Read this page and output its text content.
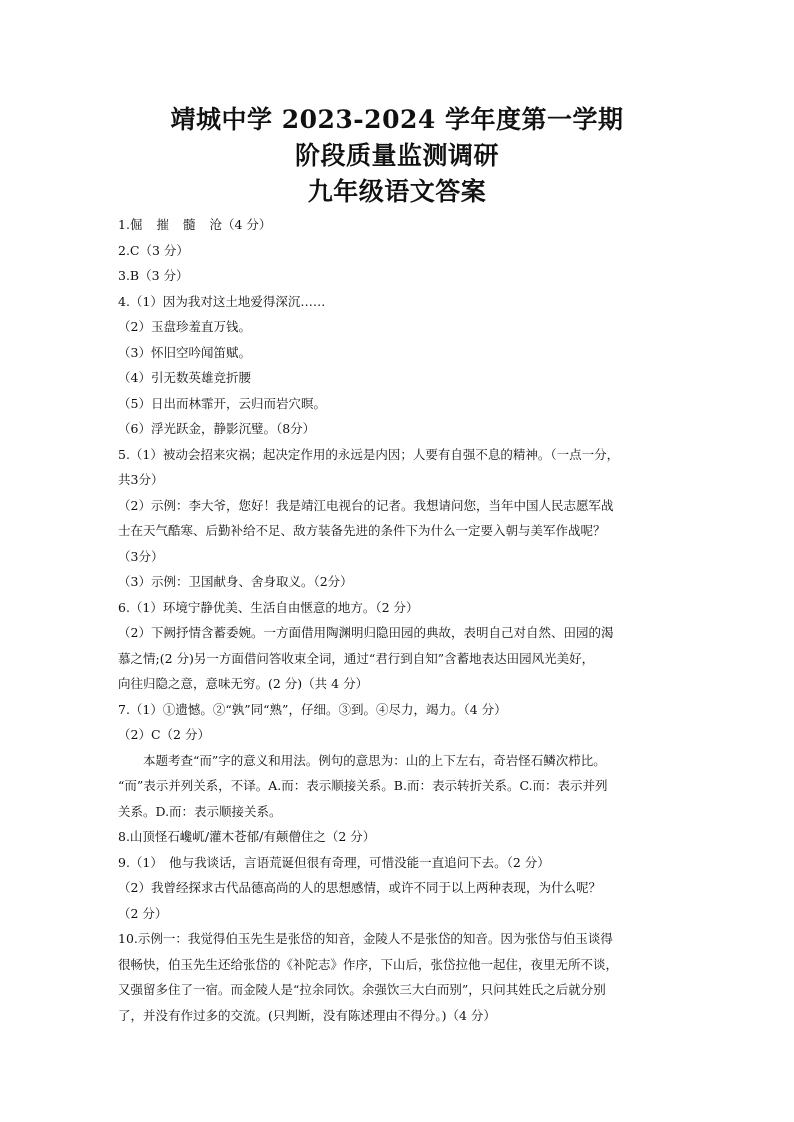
靖城中学 2023-2024 学年度第一学期
阶段质量监测调研
九年级语文答案
1.倔 摧 髓 沧（4 分）
2.C（3 分）
3.B（3 分）
4.（1）因为我对这土地爱得深沉……
（2）玉盘珍羞直万钱。
（3）怀旧空吟闻笛赋。
（4）引无数英雄竞折腰
（5）日出而林霏开，云归而岩穴暝。
（6）浮光跃金，静影沉璧。（8分）
5.（1）被动会招来灾祸；起决定作用的永远是内因；人要有自强不息的精神。（一点一分，
共3分）
（2）示例：李大爷，您好！我是靖江电视台的记者。我想请问您，当年中国人民志愿军战
士在天气酷寒、后勤补给不足、敌方装备先进的条件下为什么一定要入朝与美军作战呢？
（3分）
（3）示例：卫国献身、舍身取义。（2分）
6.（1）环境宁静优美、生活自由惬意的地方。（2 分）
（2）下阙抒情含蓄委婉。一方面借用陶渊明归隐田园的典故，表明自己对自然、田园的渴
慕之情;(2 分)另一方面借问答收束全词，通过“君行到自知”含蓄地表达田园风光美好，
向往归隐之意，意味无穷。(2 分)（共 4 分）
7.（1）①遗憾。②“孰”同“熟”，仔细。③到。④尽力，竭力。（4 分）
（2）C（2 分）
本题考查“而”字的意义和用法。例句的意思为：山的上下左右，奇岩怪石鳞次栉比。
“而”表示并列关系，不译。A.而：表示顺接关系。B.而：表示转折关系。C.而：表示并列
关系。D.而：表示顺接关系。
8.山顶怪石巉屼/灌木苍郁/有颠僧住之（2 分）
9.（1）　他与我谈话，言语荒诞但很有奇理，可惜没能一直追问下去。（2 分）
（2）我曾经探求古代品德高尚的人的思想感情，或许不同于以上两种表现，为什么呢？
（2 分）
10.示例一：我觉得伯玉先生是张岱的知音，金陵人不是张岱的知音。因为张岱与伯玉谈得
很畅快，伯玉先生还给张岱的《补陀志》作序，下山后，张岱拉他一起住，夜里无所不谈，
又强留多住了一宿。而金陵人是“拉余同饮。余强饮三大白而别”，只问其姓氏之后就分别
了，并没有作过多的交流。(只判断，没有陈述理由不得分。)（4 分）
